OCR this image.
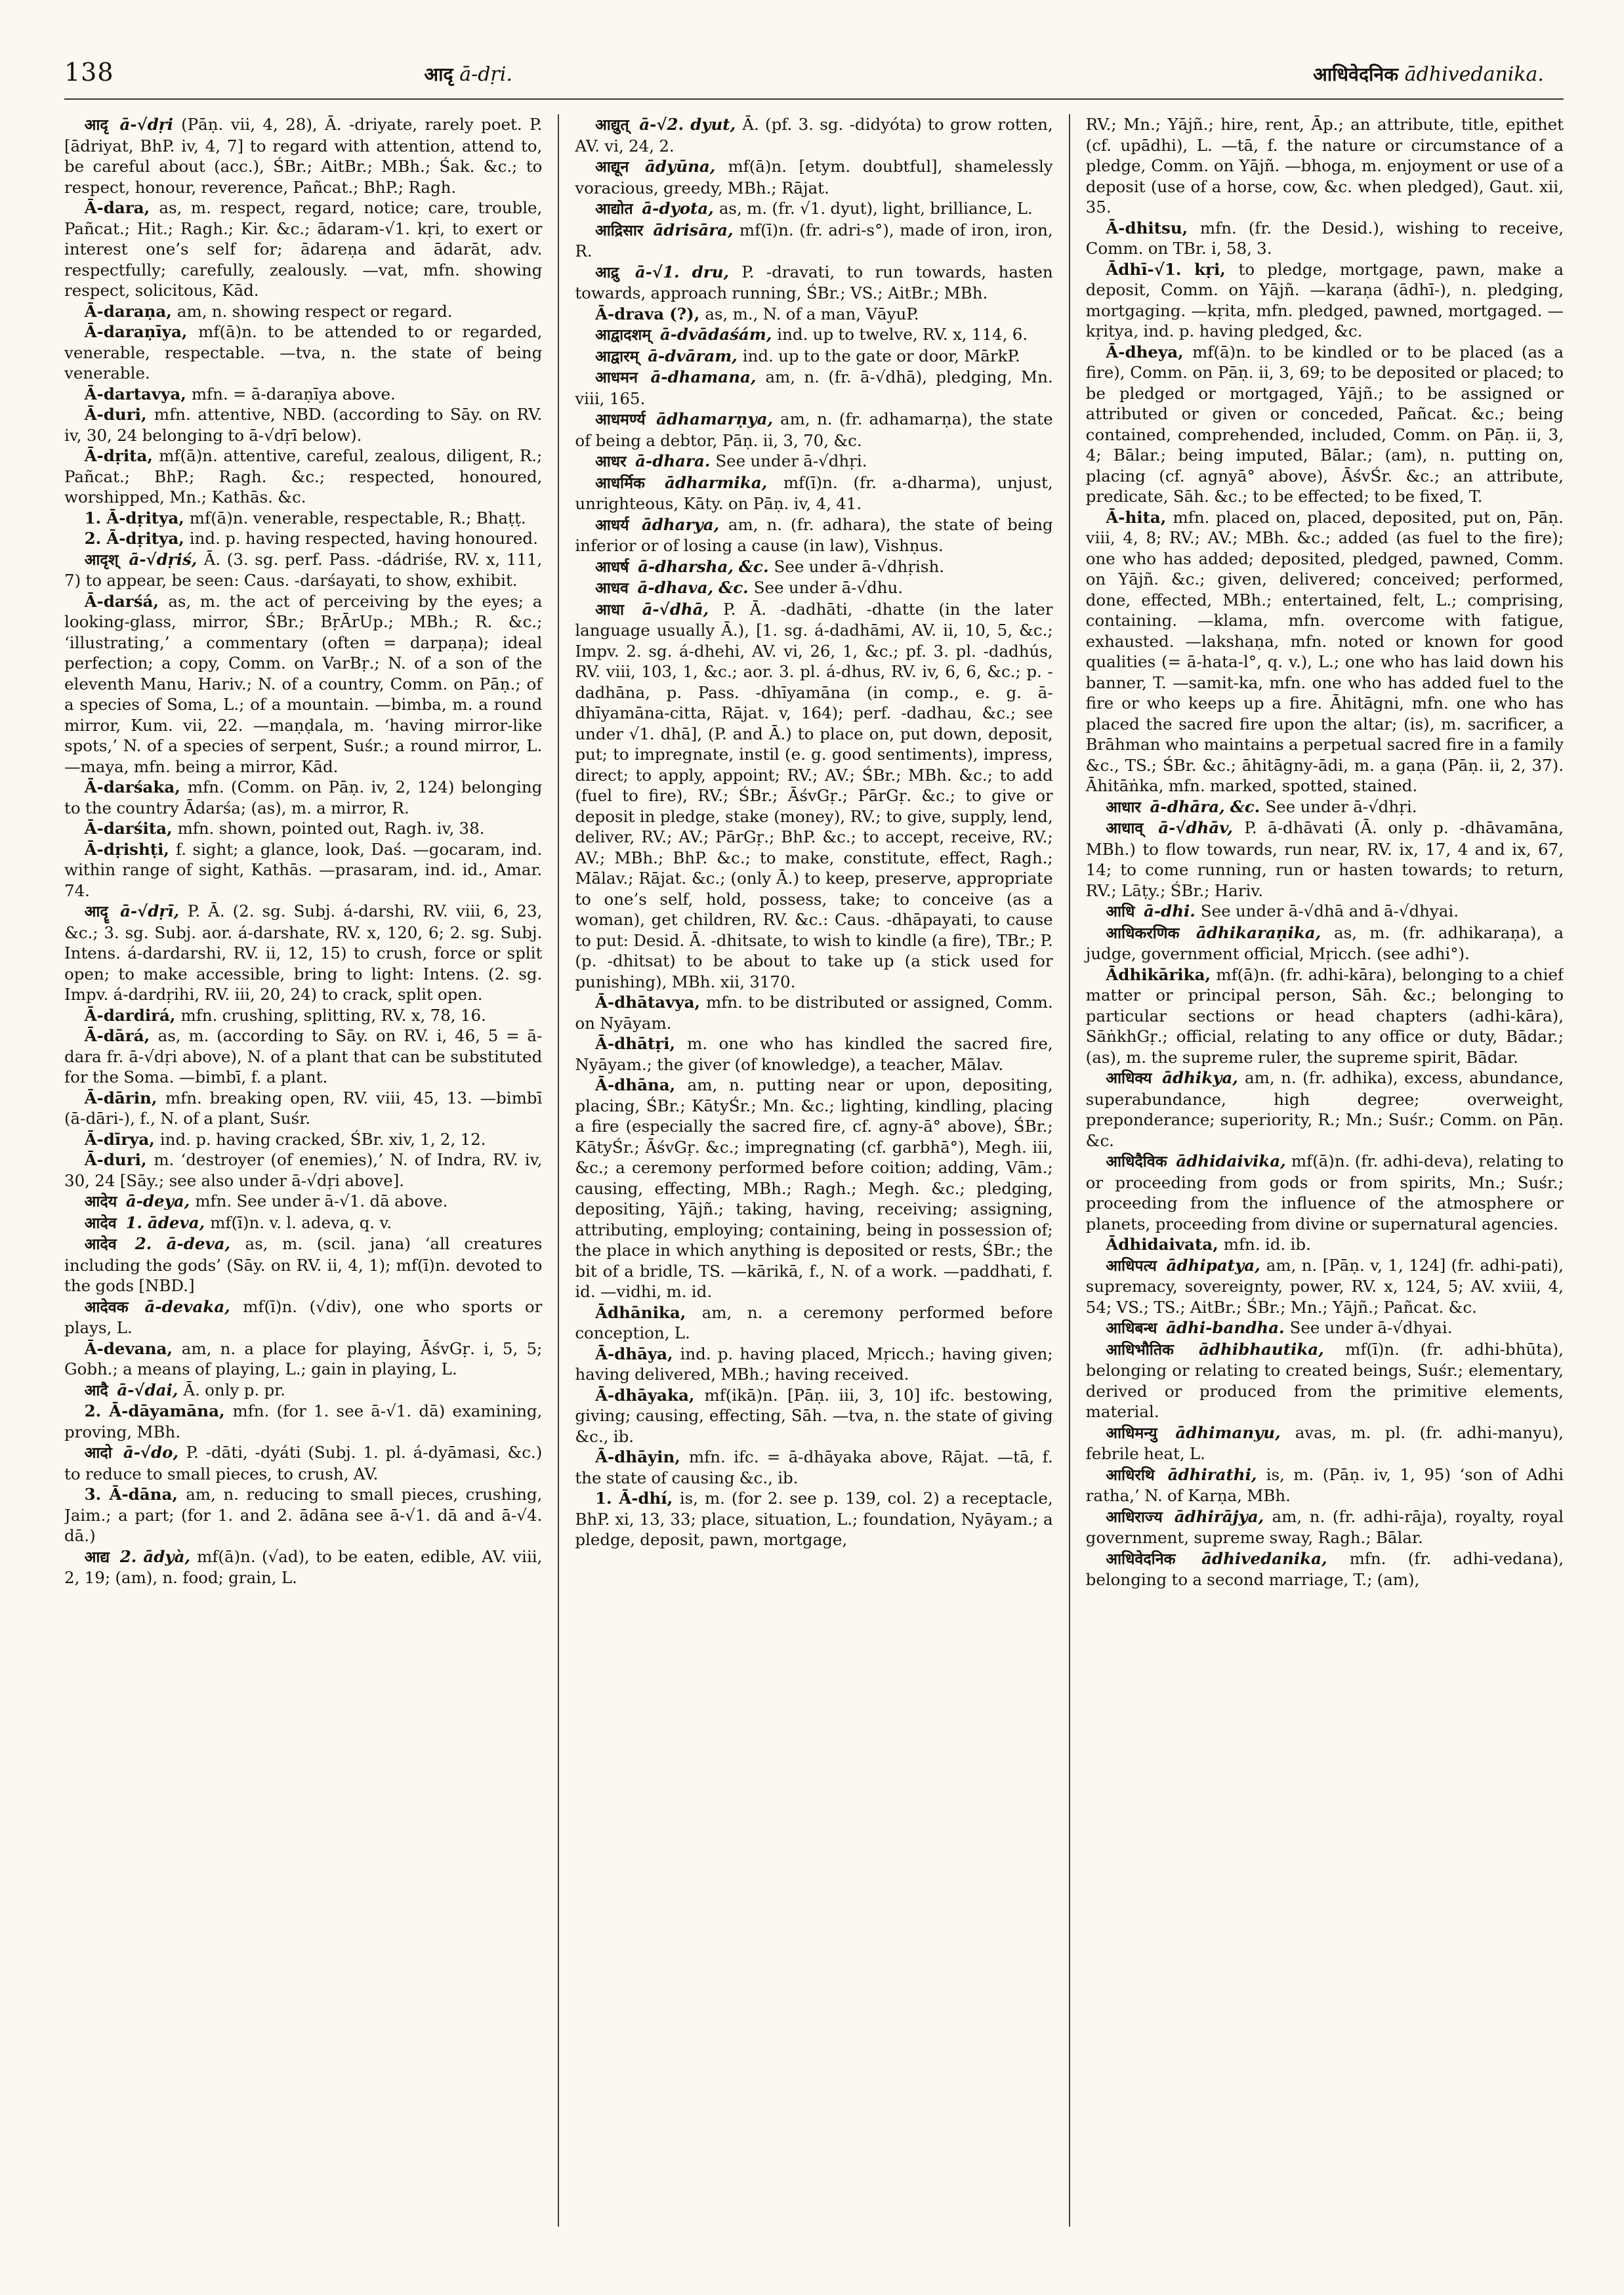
138	आदृ ā-dṛi.	आधिवेदनिक ādhivedanika.

आदृ ā-√dṛi (Pāṇ. vii, 4, 28), Ā. -driyate, rarely poet. P. [ādriyat, BhP. iv, 4, 7] to regard with attention, attend to, be careful about (acc.), ŚBr.; AitBr.; MBh.; Śak. &c.; to respect, honour, reverence, Pañcat.; BhP.; Ragh.

Ā-dara, as, m. respect, regard, notice; care, trouble, Pañcat.; Hit.; Ragh.; Kir. &c.; ādaram-√1. kṛi, to exert or interest one’s self for; ādareṇa and ādarāt, adv. respectfully; carefully, zealously. —vat, mfn. showing respect, solicitous, Kād.

Ā-daraṇa, am, n. showing respect or regard.

Ā-daraṇīya, mf(ā)n. to be attended to or regarded, venerable, respectable. —tva, n. the state of being venerable.

Ā-dartavya, mfn. = ā-daraṇīya above.

Ā-duri, mfn. attentive, NBD. (according to Sāy. on RV. iv, 30, 24 belonging to ā-√dṛī below).

Ā-dṛita, mf(ā)n. attentive, careful, zealous, diligent, R.; Pañcat.; BhP.; Ragh. &c.; respected, honoured, worshipped, Mn.; Kathās. &c.

1. Ā-dṛitya, mf(ā)n. venerable, respectable, R.; Bhaṭṭ.

2. Ā-dṛitya, ind. p. having respected, having honoured.

आदृश् ā-√dṛiś, Ā. (3. sg. perf. Pass. -dádriśe, RV. x, 111, 7) to appear, be seen: Caus. -darśayati, to show, exhibit.

Ā-darśá, as, m. the act of perceiving by the eyes; a looking-glass, mirror, ŚBr.; BṛĀrUp.; MBh.; R. &c.; ‘illustrating,’ a commentary (often = darpaṇa); ideal perfection; a copy, Comm. on VarBṛ.; N. of a son of the eleventh Manu, Hariv.; N. of a country, Comm. on Pāṇ.; of a species of Soma, L.; of a mountain. —bimba, m. a round mirror, Kum. vii, 22. —maṇḍala, m. ‘having mirror-like spots,’ N. of a species of serpent, Suśr.; a round mirror, L. —maya, mfn. being a mirror, Kād.

Ā-darśaka, mfn. (Comm. on Pāṇ. iv, 2, 124) belonging to the country Ādarśa; (as), m. a mirror, R.

Ā-darśita, mfn. shown, pointed out, Ragh. iv, 38.

Ā-dṛishṭi, f. sight; a glance, look, Daś. —gocaram, ind. within range of sight, Kathās. —prasaram, ind. id., Amar. 74.

आदॄ ā-√dṛī, P. Ā. (2. sg. Subj. á-darshi, RV. viii, 6, 23, &c.; 3. sg. Subj. aor. á-darshate, RV. x, 120, 6; 2. sg. Subj. Intens. á-dardarshi, RV. ii, 12, 15) to crush, force or split open; to make accessible, bring to light: Intens. (2. sg. Impv. á-dardṛihi, RV. iii, 20, 24) to crack, split open.

Ā-dardirá, mfn. crushing, splitting, RV. x, 78, 16.

Ā-dārá, as, m. (according to Sāy. on RV. i, 46, 5 = ā-dara fr. ā-√dṛi above), N. of a plant that can be substituted for the Soma. —bimbī, f. a plant.

Ā-dārin, mfn. breaking open, RV. viii, 45, 13. —bimbī (ā-dāri-), f., N. of a plant, Suśr.

Ā-dīrya, ind. p. having cracked, ŚBr. xiv, 1, 2, 12.

Ā-duri, m. ‘destroyer (of enemies),’ N. of Indra, RV. iv, 30, 24 [Sāy.; see also under ā-√dṛi above].

आदेय ā-deya, mfn. See under ā-√1. dā above.

आदेव 1. ādeva, mf(ī)n. v. l. adeva, q. v.

आदेव 2. ā-deva, as, m. (scil. jana) ‘all creatures including the gods’ (Sāy. on RV. ii, 4, 1); mf(ī)n. devoted to the gods [NBD.]

आदेवक ā-devaka, mf(ī)n. (√div), one who sports or plays, L.

Ā-devana, am, n. a place for playing, ĀśvGṛ. i, 5, 5; Gobh.; a means of playing, L.; gain in playing, L.

आदै ā-√dai, Ā. only p. pr.

2. Ā-dāyamāna, mfn. (for 1. see ā-√1. dā) examining, proving, MBh.

आदो ā-√do, P. -dāti, -dyáti (Subj. 1. pl. á-dyāmasi, &c.) to reduce to small pieces, to crush, AV.

3. Ā-dāna, am, n. reducing to small pieces, crushing, Jaim.; a part; (for 1. and 2. ādāna see ā-√1. dā and ā-√4. dā.)

आद्य 2. ādyà, mf(ā)n. (√ad), to be eaten, edible, AV. viii, 2, 19; (am), n. food; grain, L.

आद्युत् ā-√2. dyut, Ā. (pf. 3. sg. -didyóta) to grow rotten, AV. vi, 24, 2.

आद्यून ādyūna, mf(ā)n. [etym. doubtful], shamelessly voracious, greedy, MBh.; Rājat.

आद्योत ā-dyota, as, m. (fr. √1. dyut), light, brilliance, L.

आद्रिसार ādrisāra, mf(ī)n. (fr. adri-s°), made of iron, iron, R.

आद्रु ā-√1. dru, P. -dravati, to run towards, hasten towards, approach running, ŚBr.; VS.; AitBr.; MBh.

Ā-drava (?), as, m., N. of a man, VāyuP.

आद्वादशम् ā-dvādaśám, ind. up to twelve, RV. x, 114, 6.

आद्वारम् ā-dvāram, ind. up to the gate or door, MārkP.

आधमन ā-dhamana, am, n. (fr. ā-√dhā), pledging, Mn. viii, 165.

आधमर्ण्य ādhamarṇya, am, n. (fr. adhamarṇa), the state of being a debtor, Pāṇ. ii, 3, 70, &c.

आधर ā-dhara. See under ā-√dhṛi.

आधर्मिक ādharmika, mf(ī)n. (fr. a-dharma), unjust, unrighteous, Kāty. on Pāṇ. iv, 4, 41.

आधर्य ādharya, am, n. (fr. adhara), the state of being inferior or of losing a cause (in law), Vishṇus.

आधर्ष ā-dharsha, &c. See under ā-√dhṛish.

आधव ā-dhava, &c. See under ā-√dhu.

आधा ā-√dhā, P. Ā. -dadhāti, -dhatte (in the later language usually Ā.), [1. sg. á-dadhāmi, AV. ii, 10, 5, &c.; Impv. 2. sg. á-dhehi, AV. vi, 26, 1, &c.; pf. 3. pl. -dadhús, RV. viii, 103, 1, &c.; aor. 3. pl. á-dhus, RV. iv, 6, 6, &c.; p. -dadhāna, p. Pass. -dhīyamāna (in comp., e. g. ā-dhīyamāna-citta, Rājat. v, 164); perf. -dadhau, &c.; see under √1. dhā], (P. and Ā.) to place on, put down, deposit, put; to impregnate, instil (e. g. good sentiments), impress, direct; to apply, appoint; RV.; AV.; ŚBr.; MBh. &c.; to add (fuel to fire), RV.; ŚBr.; ĀśvGṛ.; PārGṛ. &c.; to give or deposit in pledge, stake (money), RV.; to give, supply, lend, deliver, RV.; AV.; PārGṛ.; BhP. &c.; to accept, receive, RV.; AV.; MBh.; BhP. &c.; to make, constitute, effect, Ragh.; Mālav.; Rājat. &c.; (only Ā.) to keep, preserve, appropriate to one’s self, hold, possess, take; to conceive (as a woman), get children, RV. &c.: Caus. -dhāpayati, to cause to put: Desid. Ā. -dhitsate, to wish to kindle (a fire), TBr.; P. (p. -dhitsat) to be about to take up (a stick used for punishing), MBh. xii, 3170.

Ā-dhātavya, mfn. to be distributed or assigned, Comm. on Nyāyam.

Ā-dhātṛi, m. one who has kindled the sacred fire, Nyāyam.; the giver (of knowledge), a teacher, Mālav.

Ā-dhāna, am, n. putting near or upon, depositing, placing, ŚBr.; KātyŚr.; Mn. &c.; lighting, kindling, placing a fire (especially the sacred fire, cf. agny-ā° above), ŚBr.; KātyŚr.; ĀśvGṛ. &c.; impregnating (cf. garbhā°), Megh. iii, &c.; a ceremony performed before coition; adding, Vām.; causing, effecting, MBh.; Ragh.; Megh. &c.; pledging, depositing, Yājñ.; taking, having, receiving; assigning, attributing, employing; containing, being in possession of; the place in which anything is deposited or rests, ŚBr.; the bit of a bridle, TS. —kārikā, f., N. of a work. —paddhati, f. id. —vidhi, m. id.

Ādhānika, am, n. a ceremony performed before conception, L.

Ā-dhāya, ind. p. having placed, Mṛicch.; having given; having delivered, MBh.; having received.

Ā-dhāyaka, mf(ikā)n. [Pāṇ. iii, 3, 10] ifc. bestowing, giving; causing, effecting, Sāh. —tva, n. the state of giving &c., ib.

Ā-dhāyin, mfn. ifc. = ā-dhāyaka above, Rājat. —tā, f. the state of causing &c., ib.

1. Ā-dhí, is, m. (for 2. see p. 139, col. 2) a receptacle, BhP. xi, 13, 33; place, situation, L.; foundation, Nyāyam.; a pledge, deposit, pawn, mortgage,

RV.; Mn.; Yājñ.; hire, rent, Āp.; an attribute, title, epithet (cf. upādhi), L. —tā, f. the nature or circumstance of a pledge, Comm. on Yājñ. —bhoga, m. enjoyment or use of a deposit (use of a horse, cow, &c. when pledged), Gaut. xii, 35.

Ā-dhitsu, mfn. (fr. the Desid.), wishing to receive, Comm. on TBr. i, 58, 3.

Ādhī-√1. kṛi, to pledge, mortgage, pawn, make a deposit, Comm. on Yājñ. —karaṇa (ādhī-), n. pledging, mortgaging. —kṛita, mfn. pledged, pawned, mortgaged. —kṛitya, ind. p. having pledged, &c.

Ā-dheya, mf(ā)n. to be kindled or to be placed (as a fire), Comm. on Pāṇ. ii, 3, 69; to be deposited or placed; to be pledged or mortgaged, Yājñ.; to be assigned or attributed or given or conceded, Pañcat. &c.; being contained, comprehended, included, Comm. on Pāṇ. ii, 3, 4; Bālar.; being imputed, Bālar.; (am), n. putting on, placing (cf. agnyā° above), ĀśvŚr. &c.; an attribute, predicate, Sāh. &c.; to be effected; to be fixed, T.

Ā-hita, mfn. placed on, placed, deposited, put on, Pāṇ. viii, 4, 8; RV.; AV.; MBh. &c.; added (as fuel to the fire); one who has added; deposited, pledged, pawned, Comm. on Yājñ. &c.; given, delivered; conceived; performed, done, effected, MBh.; entertained, felt, L.; comprising, containing. —klama, mfn. overcome with fatigue, exhausted. —lakshaṇa, mfn. noted or known for good qualities (= ā-hata-l°, q. v.), L.; one who has laid down his banner, T. —samit-ka, mfn. one who has added fuel to the fire or who keeps up a fire. Āhitāgni, mfn. one who has placed the sacred fire upon the altar; (is), m. sacrificer, a Brāhman who maintains a perpetual sacred fire in a family &c., TS.; ŚBr. &c.; āhitāgny-ādi, m. a gaṇa (Pāṇ. ii, 2, 37). Āhitāṅka, mfn. marked, spotted, stained.

आधार ā-dhāra, &c. See under ā-√dhṛi.

आधाव् ā-√dhāv, P. ā-dhāvati (Ā. only p. -dhāvamāna, MBh.) to flow towards, run near, RV. ix, 17, 4 and ix, 67, 14; to come running, run or hasten towards; to return, RV.; Lāṭy.; ŚBr.; Hariv.

आधि ā-dhi. See under ā-√dhā and ā-√dhyai.

आधिकरणिक ādhikaraṇika, as, m. (fr. adhikaraṇa), a judge, government official, Mṛicch. (see adhi°).

Ādhikārika, mf(ā)n. (fr. adhi-kāra), belonging to a chief matter or principal person, Sāh. &c.; belonging to particular sections or head chapters (adhi-kāra), SāṅkhGṛ.; official, relating to any office or duty, Bādar.; (as), m. the supreme ruler, the supreme spirit, Bādar.

आधिक्य ādhikya, am, n. (fr. adhika), excess, abundance, superabundance, high degree; overweight, preponderance; superiority, R.; Mn.; Suśr.; Comm. on Pāṇ. &c.

आधिदैविक ādhidaivika, mf(ā)n. (fr. adhi-deva), relating to or proceeding from gods or from spirits, Mn.; Suśr.; proceeding from the influence of the atmosphere or planets, proceeding from divine or supernatural agencies.

Ādhidaivata, mfn. id. ib.

आधिपत्य ādhipatya, am, n. [Pāṇ. v, 1, 124] (fr. adhi-pati), supremacy, sovereignty, power, RV. x, 124, 5; AV. xviii, 4, 54; VS.; TS.; AitBr.; ŚBr.; Mn.; Yājñ.; Pañcat. &c.

आधिबन्ध ādhi-bandha. See under ā-√dhyai.

आधिभौतिक ādhibhautika, mf(ī)n. (fr. adhi-bhūta), belonging or relating to created beings, Suśr.; elementary, derived or produced from the primitive elements, material.

आधिमन्यु ādhimanyu, avas, m. pl. (fr. adhi-manyu), febrile heat, L.

आधिरथि ādhirathi, is, m. (Pāṇ. iv, 1, 95) ‘son of Adhi ratha,’ N. of Karṇa, MBh.

आधिराज्य ādhirājya, am, n. (fr. adhi-rāja), royalty, royal government, supreme sway, Ragh.; Bālar.

आधिवेदनिक ādhivedanika, mfn. (fr. adhi-vedana), belonging to a second marriage, T.; (am),
